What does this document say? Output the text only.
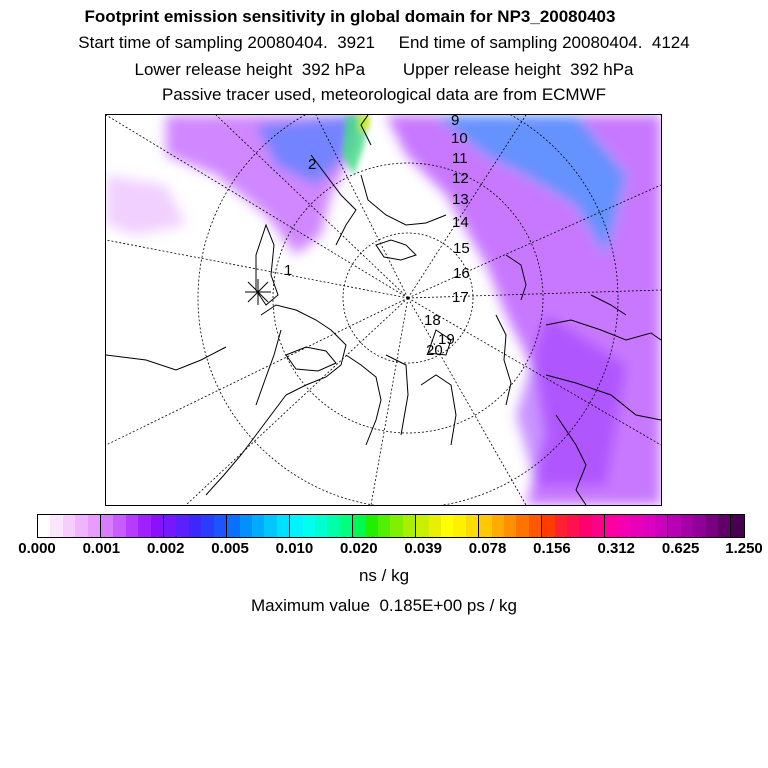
Footprint emission sensitivity in global domain for NP3_20080403
Start time of sampling 20080404.  3921     End time of sampling 20080404.  4124
Lower release height  392 hPa        Upper release height  392 hPa
Passive tracer used, meteorological data are from ECMWF
9
10
11
12
13
14
15
16
17
18
19
20
2
1
0.000 0.001 0.002 0.005 0.010 0.020 0.039 0.078 0.156 0.312 0.625 1.250
ns / kg
Maximum value  0.185E+00 ps / kg
